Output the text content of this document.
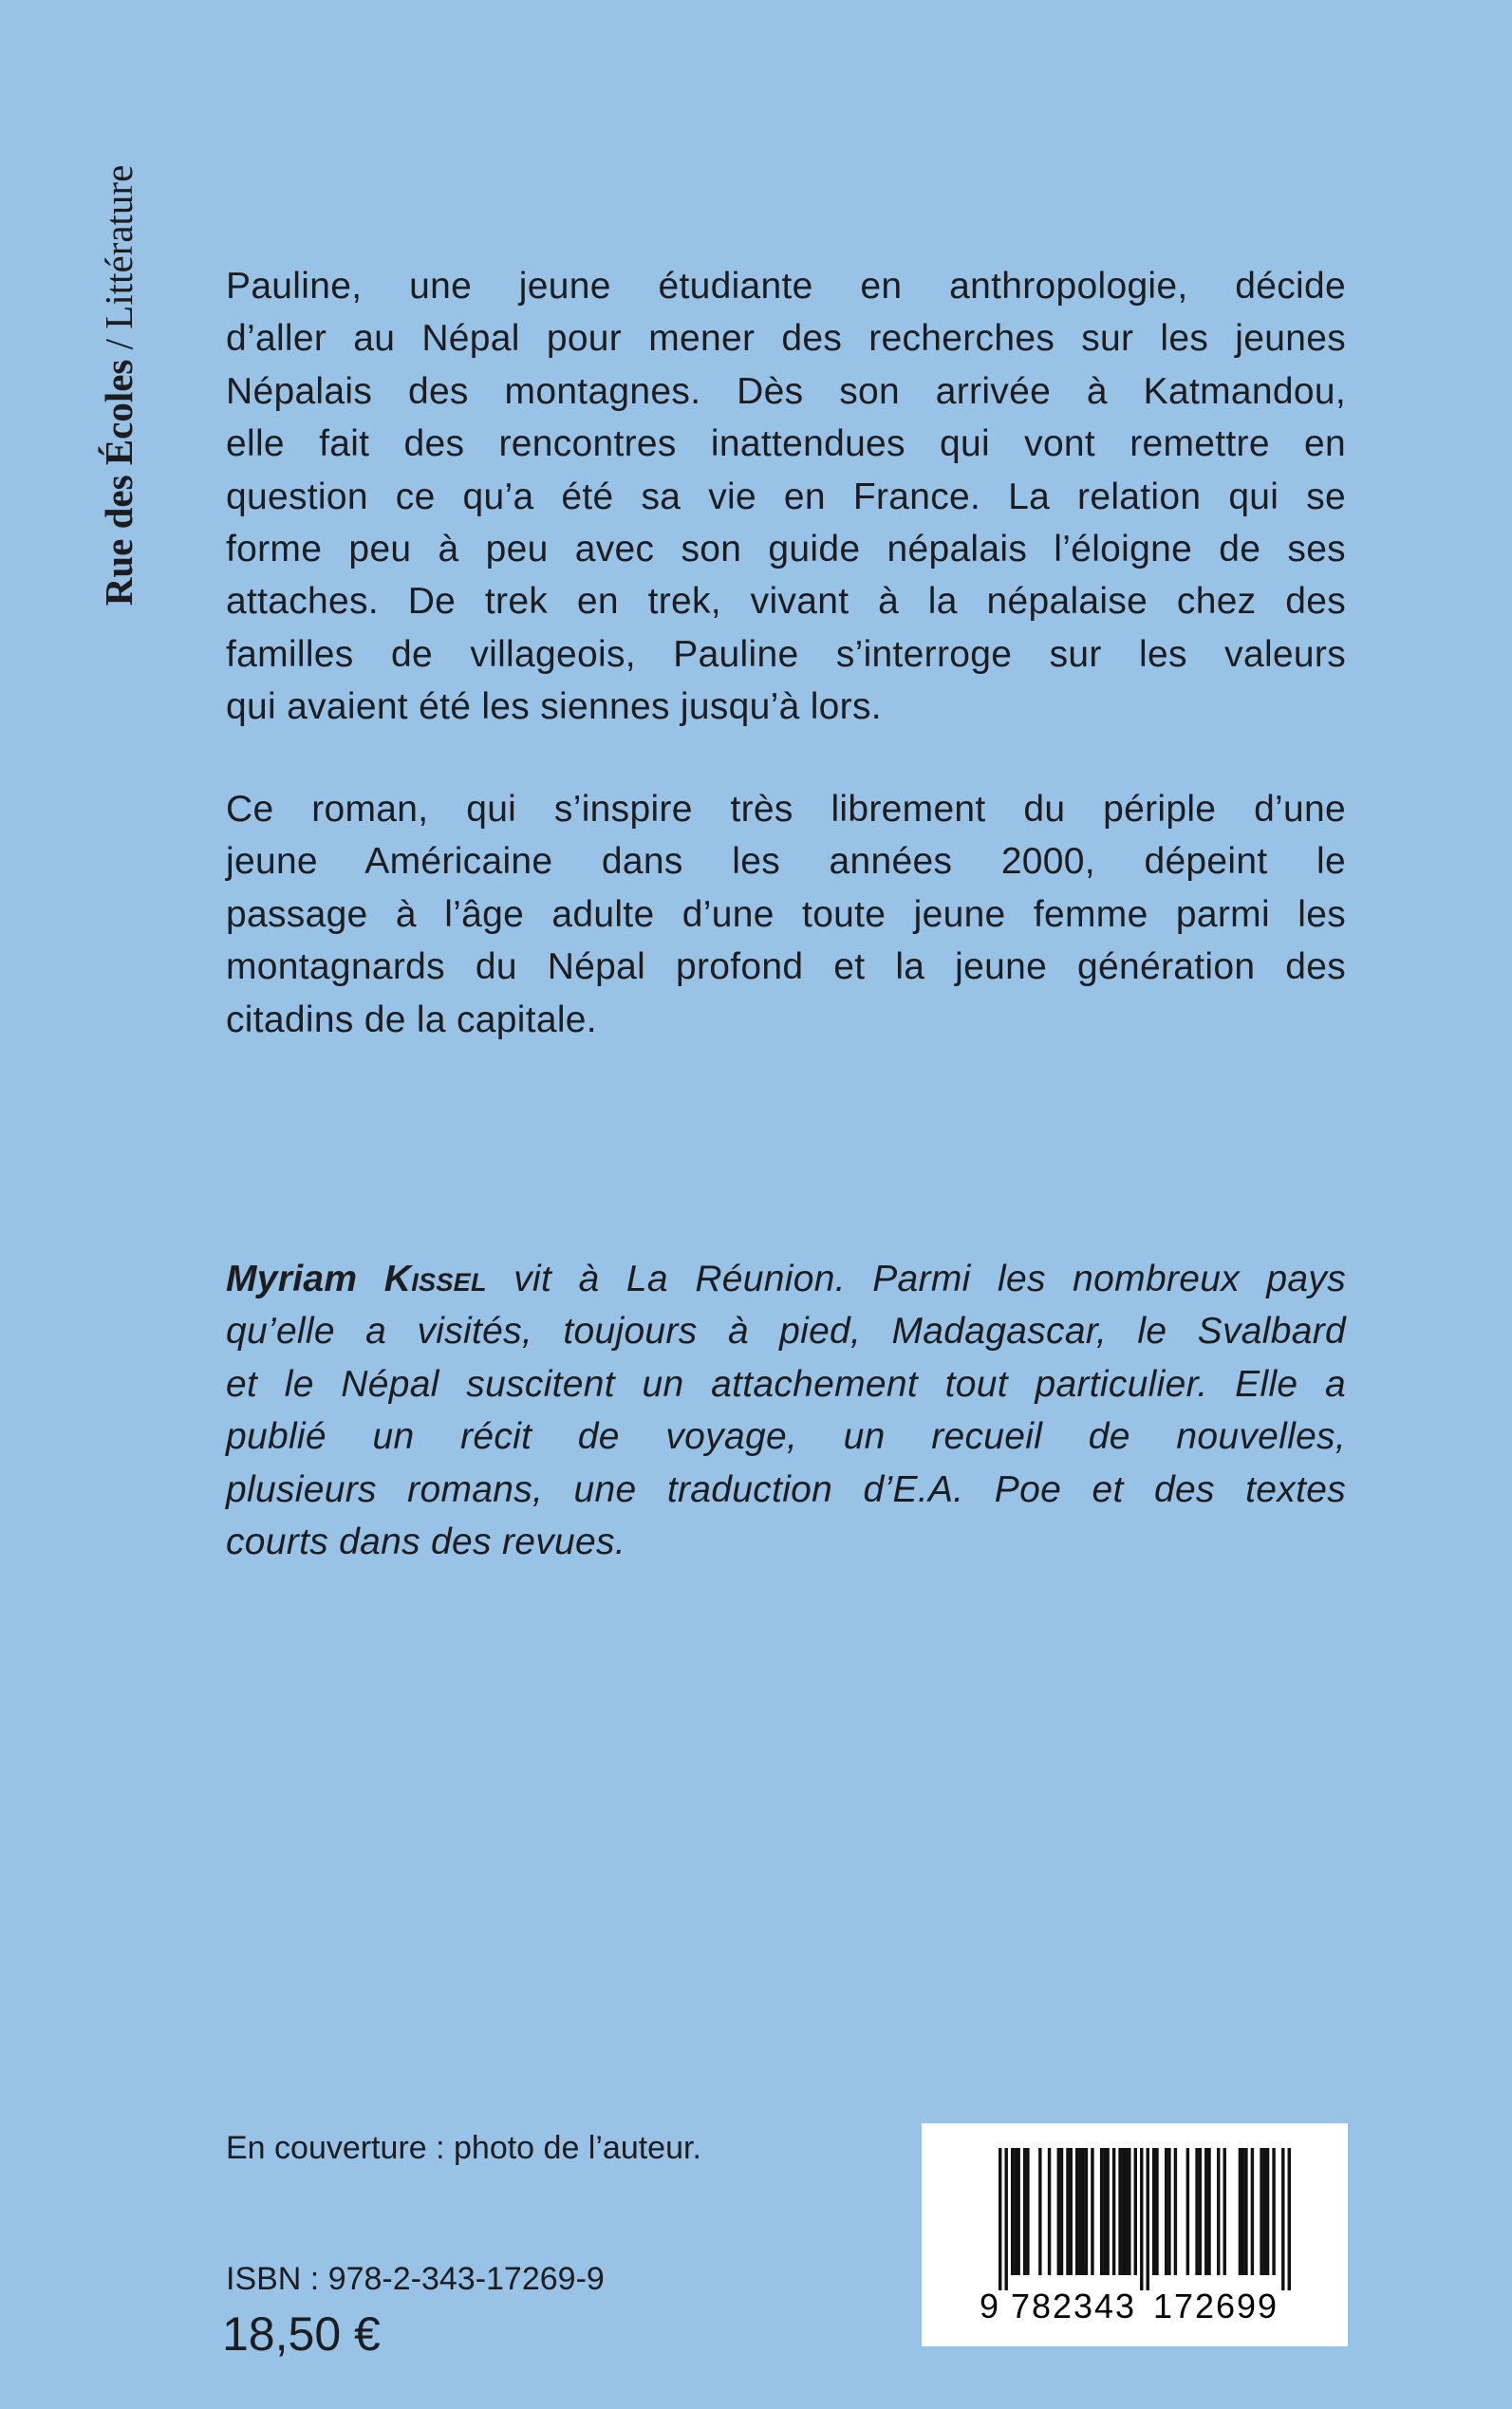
Rue des Écoles / Littérature Pauline, une jeune étudiante en anthropologie, décide
d’aller au Népal pour mener des recherches sur les jeunes
Népalais des montagnes. Dès son arrivée à Katmandou,
elle fait des rencontres inattendues qui vont remettre en
question ce qu’a été sa vie en France. La relation qui se
forme peu à peu avec son guide népalais l’éloigne de ses
attaches. De trek en trek, vivant à la népalaise chez des
familles de villageois, Pauline s’interroge sur les valeurs
qui avaient été les siennes jusqu’à lors.
Ce roman, qui s’inspire très librement du périple d’une
jeune Américaine dans les années 2000, dépeint le
passage à l’âge adulte d’une toute jeune femme parmi les
montagnards du Népal profond et la jeune génération des
citadins de la capitale.
Myriam Kissel vit à La Réunion. Parmi les nombreux pays
qu’elle a visités, toujours à pied, Madagascar, le Svalbard
et le Népal suscitent un attachement tout particulier. Elle a
publié un récit de voyage, un recueil de nouvelles,
plusieurs romans, une traduction d’E.A. Poe et des textes
courts dans des revues.
En couverture : photo de l’auteur.
ISBN : 978-2-343-17269-9
18,50 €
9 782343 172699
